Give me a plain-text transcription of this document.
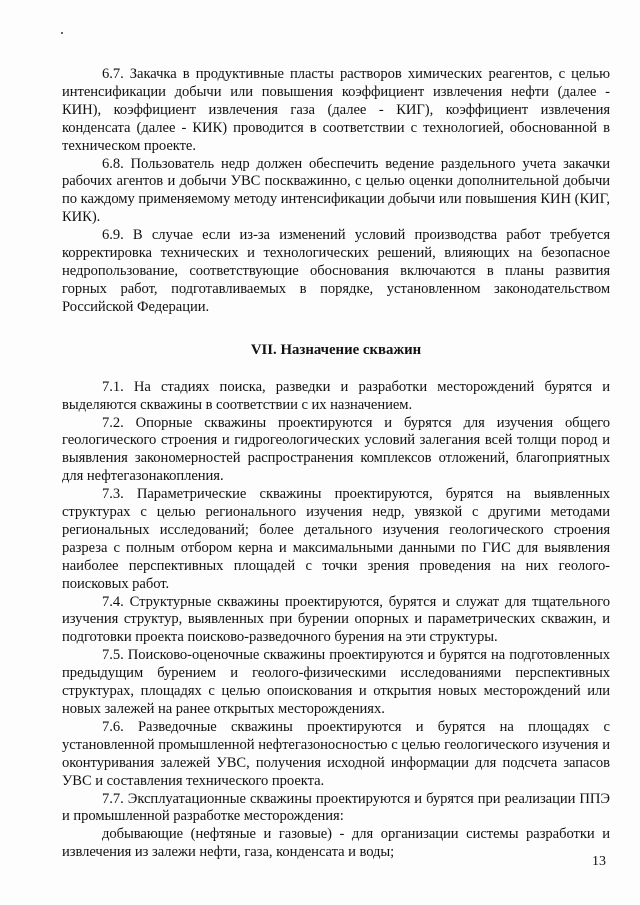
6.7. Закачка в продуктивные пласты растворов химических реагентов, с целью интенсификации добычи или повышения коэффициент извлечения нефти (далее - КИН), коэффициент извлечения газа (далее - КИГ), коэффициент извлечения конденсата (далее - КИК) проводится в соответствии с технологией, обоснованной в техническом проекте.

6.8. Пользователь недр должен обеспечить ведение раздельного учета закачки рабочих агентов и добычи УВС поскважинно, с целью оценки дополнительной добычи по каждому применяемому методу интенсификации добычи или повышения КИН (КИГ, КИК).

6.9. В случае если из-за изменений условий производства работ требуется корректировка технических и технологических решений, влияющих на безопасное недропользование, соответствующие обоснования включаются в планы развития горных работ, подготавливаемых в порядке, установленном законодательством Российской Федерации.

VII. Назначение скважин

7.1. На стадиях поиска, разведки и разработки месторождений бурятся и выделяются скважины в соответствии с их назначением.

7.2. Опорные скважины проектируются и бурятся для изучения общего геологического строения и гидрогеологических условий залегания всей толщи пород и выявления закономерностей распространения комплексов отложений, благоприятных для нефтегазонакопления.

7.3. Параметрические скважины проектируются, бурятся на выявленных структурах с целью регионального изучения недр, увязкой с другими методами региональных исследований; более детального изучения геологического строения разреза с полным отбором керна и максимальными данными по ГИС для выявления наиболее перспективных площадей с точки зрения проведения на них геолого-поисковых работ.

7.4. Структурные скважины проектируются, бурятся и служат для тщательного изучения структур, выявленных при бурении опорных и параметрических скважин, и подготовки проекта поисково-разведочного бурения на эти структуры.

7.5. Поисково-оценочные скважины проектируются и бурятся на подготовленных предыдущим бурением и геолого-физическими исследованиями перспективных структурах, площадях с целью опоискования и открытия новых месторождений или новых залежей на ранее открытых месторождениях.

7.6. Разведочные скважины проектируются и бурятся на площадях с установленной промышленной нефтегазоносностью с целью геологического изучения и оконтуривания залежей УВС, получения исходной информации для подсчета запасов УВС и составления технического проекта.

7.7. Эксплуатационные скважины проектируются и бурятся при реализации ППЭ и промышленной разработке месторождения:

добывающие (нефтяные и газовые) - для организации системы разработки и извлечения из залежи нефти, газа, конденсата и воды;

13
